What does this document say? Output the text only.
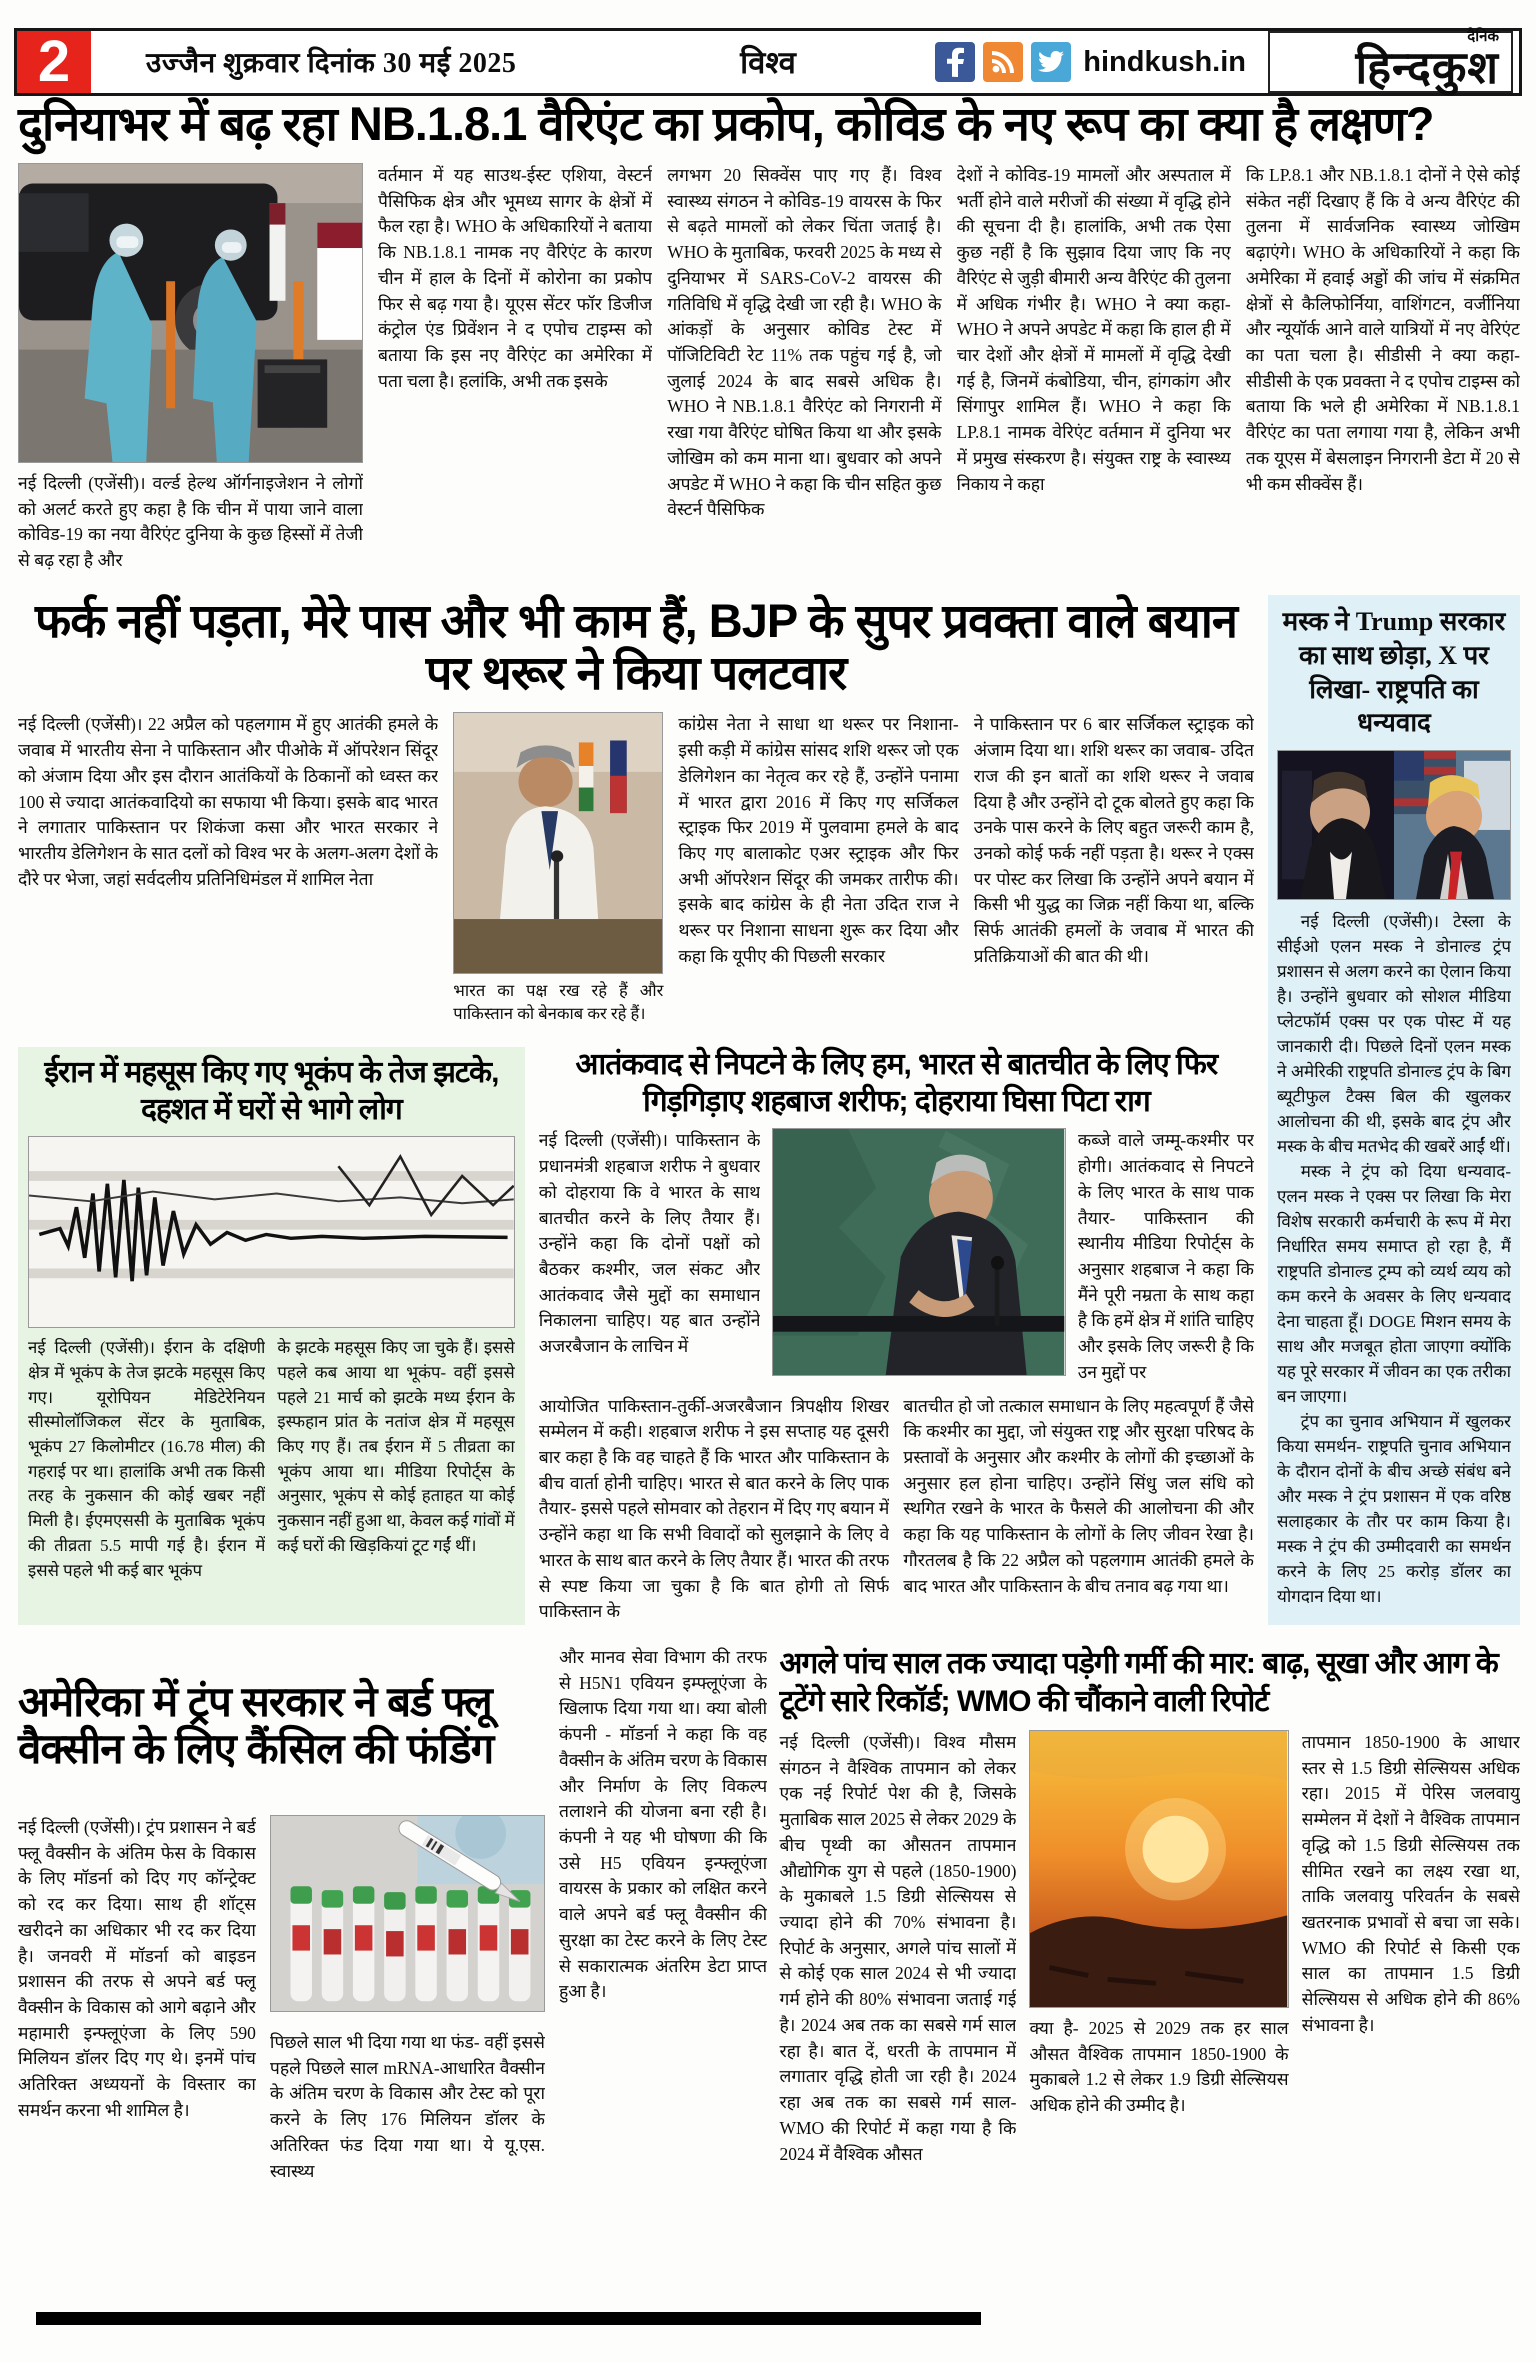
2	उज्जैन शुक्रवार दिनांक 30 मई 2025	विश्व	hindkush.in
दैनिक
हिन्दकुश
दुनियाभर में बढ़ रहा NB.1.8.1 वैरिएंट का प्रकोप, कोविड के नए रूप का क्या है लक्षण?
नई दिल्ली (एजेंसी)। वर्ल्ड हेल्थ ऑर्गनाइजेशन ने लोगों को अलर्ट करते हुए कहा है कि चीन में पाया जाने वाला कोविड-19 का नया वैरिएंट दुनिया के कुछ हिस्सों में तेजी से बढ़ रहा है और
वर्तमान में यह साउथ-ईस्ट एशिया, वेस्टर्न पैसिफिक क्षेत्र और भूमध्य सागर के क्षेत्रों में फैल रहा है। WHO के अधिकारियों ने बताया कि NB.1.8.1 नामक नए वैरिएंट के कारण चीन में हाल के दिनों में कोरोना का प्रकोप फिर से बढ़ गया है। यूएस सेंटर फॉर डिजीज कंट्रोल एंड प्रिवेंशन ने द एपोच टाइम्स को बताया कि इस नए वैरिएंट का अमेरिका में पता चला है। हलांकि, अभी तक इसके
लगभग 20 सिक्वेंस पाए गए हैं। विश्व स्वास्थ्य संगठन ने कोविड-19 वायरस के फिर से बढ़ते मामलों को लेकर चिंता जताई है। WHO के मुताबिक, फरवरी 2025 के मध्य से दुनियाभर में SARS-CoV-2 वायरस की गतिविधि में वृद्धि देखी जा रही है। WHO के आंकड़ों के अनुसार कोविड टेस्ट में पॉजिटिविटी रेट 11% तक पहुंच गई है, जो जुलाई 2024 के बाद सबसे अधिक है। WHO ने NB.1.8.1 वैरिएंट को निगरानी में रखा गया वैरिएंट घोषित किया था और इसके जोखिम को कम माना था। बुधवार को अपने अपडेट में WHO ने कहा कि चीन सहित कुछ वेस्टर्न पैसिफिक
देशों ने कोविड-19 मामलों और अस्पताल में भर्ती होने वाले मरीजों की संख्या में वृद्धि होने की सूचना दी है। हालांकि, अभी तक ऐसा कुछ नहीं है कि सुझाव दिया जाए कि नए वैरिएंट से जुड़ी बीमारी अन्य वैरिएंट की तुलना में अधिक गंभीर है। WHO ने क्या कहा- WHO ने अपने अपडेट में कहा कि हाल ही में चार देशों और क्षेत्रों में मामलों में वृद्धि देखी गई है, जिनमें कंबोडिया, चीन, हांगकांग और सिंगापुर शामिल हैं। WHO ने कहा कि LP.8.1 नामक वेरिएंट वर्तमान में दुनिया भर में प्रमुख संस्करण है। संयुक्त राष्ट्र के स्वास्थ्य निकाय ने कहा
कि LP.8.1 और NB.1.8.1 दोनों ने ऐसे कोई संकेत नहीं दिखाए हैं कि वे अन्य वैरिएंट की तुलना में सार्वजनिक स्वास्थ्य जोखिम बढ़ाएंगे। WHO के अधिकारियों ने कहा कि अमेरिका में हवाई अड्डों की जांच में संक्रमित क्षेत्रों से कैलिफोर्निया, वाशिंगटन, वर्जीनिया और न्यूयॉर्क आने वाले यात्रियों में नए वेरिएंट का पता चला है। सीडीसी ने क्या कहा- सीडीसी के एक प्रवक्ता ने द एपोच टाइम्स को बताया कि भले ही अमेरिका में NB.1.8.1 वैरिएंट का पता लगाया गया है, लेकिन अभी तक यूएस में बेसलाइन निगरानी डेटा में 20 से भी कम सीक्वेंस हैं।
फर्क नहीं पड़ता, मेरे पास और भी काम हैं, BJP के सुपर प्रवक्ता वाले बयान पर थरूर ने किया पलटवार
नई दिल्ली (एजेंसी)। 22 अप्रैल को पहलगाम में हुए आतंकी हमले के जवाब में भारतीय सेना ने पाकिस्तान और पीओके में ऑपरेशन सिंदूर को अंजाम दिया और इस दौरान आतंकियों के ठिकानों को ध्वस्त कर 100 से ज्यादा आतंकवादियो का सफाया भी किया। इसके बाद भारत ने लगातार पाकिस्तान पर शिकंजा कसा और भारत सरकार ने भारतीय डेलिगेशन के सात दलों को विश्व भर के अलग-अलग देशों के दौरे पर भेजा, जहां सर्वदलीय प्रतिनिधिमंडल में शामिल नेता
भारत का पक्ष रख रहे हैं और पाकिस्तान को बेनकाब कर रहे हैं।
कांग्रेस नेता ने साधा था थरूर पर निशाना- इसी कड़ी में कांग्रेस सांसद शशि थरूर जो एक डेलिगेशन का नेतृत्व कर रहे हैं, उन्होंने पनामा में भारत द्वारा 2016 में किए गए सर्जिकल स्ट्राइक फिर 2019 में पुलवामा हमले के बाद किए गए बालाकोट एअर स्ट्राइक और फिर अभी ऑपरेशन सिंदूर की जमकर तारीफ की। इसके बाद कांग्रेस के ही नेता उदित राज ने थरूर पर निशाना साधना शुरू कर दिया और कहा कि यूपीए की पिछली सरकार
ने पाकिस्तान पर 6 बार सर्जिकल स्ट्राइक को अंजाम दिया था। शशि थरूर का जवाब- उदित राज की इन बातों का शशि थरूर ने जवाब दिया है और उन्होंने दो टूक बोलते हुए कहा कि उनके पास करने के लिए बहुत जरूरी काम है, उनको कोई फर्क नहीं पड़ता है। थरूर ने एक्स पर पोस्ट कर लिखा कि उन्होंने अपने बयान में किसी भी युद्ध का जिक्र नहीं किया था, बल्कि सिर्फ आतंकी हमलों के जवाब में भारत की प्रतिक्रियाओं की बात की थी।
ईरान में महसूस किए गए भूकंप के तेज झटके, दहशत में घरों से भागे लोग
नई दिल्ली (एजेंसी)। ईरान के दक्षिणी क्षेत्र में भूकंप के तेज झटके महसूस किए गए। यूरोपियन मेडिटेरेनियन सीस्मोलॉजिकल सेंटर के मुताबिक, भूकंप 27 किलोमीटर (16.78 मील) की गहराई पर था। हालांकि अभी तक किसी तरह के नुकसान की कोई खबर नहीं मिली है। ईएमएससी के मुताबिक भूकंप की तीव्रता 5.5 मापी गई है। ईरान में इससे पहले भी कई बार भूकंप
के झटके महसूस किए जा चुके हैं। इससे पहले कब आया था भूकंप- वहीं इससे पहले 21 मार्च को झटके मध्य ईरान के इस्फहान प्रांत के नतांज क्षेत्र में महसूस किए गए हैं। तब ईरान में 5 तीव्रता का भूकंप आया था। मीडिया रिपोर्ट्स के अनुसार, भूकंप से कोई हताहत या कोई नुकसान नहीं हुआ था, केवल कई गांवों में कई घरों की खिड़कियां टूट गईं थीं।
आतंकवाद से निपटने के लिए हम, भारत से बातचीत के लिए फिर गिड़गिड़ाए शहबाज शरीफ; दोहराया घिसा पिटा राग
नई दिल्ली (एजेंसी)। पाकिस्तान के प्रधानमंत्री शहबाज शरीफ ने बुधवार को दोहराया कि वे भारत के साथ बातचीत करने के लिए तैयार हैं। उन्होंने कहा कि दोनों पक्षों को बैठकर कश्मीर, जल संकट और आतंकवाद जैसे मुद्दों का समाधान निकालना चाहिए। यह बात उन्होंने अजरबैजान के लाचिन में
कब्जे वाले जम्मू-कश्मीर पर होगी। आतंकवाद से निपटने के लिए भारत के साथ पाक तैयार- पाकिस्तान की स्थानीय मीडिया रिपोर्ट्स के अनुसार शहबाज ने कहा कि मैंने पूरी नम्रता के साथ कहा है कि हमें क्षेत्र में शांति चाहिए और इसके लिए जरूरी है कि उन मुद्दों पर
आयोजित पाकिस्तान-तुर्की-अजरबैजान त्रिपक्षीय शिखर सम्मेलन में कही। शहबाज शरीफ ने इस सप्ताह यह दूसरी बार कहा है कि वह चाहते हैं कि भारत और पाकिस्तान के बीच वार्ता होनी चाहिए। भारत से बात करने के लिए पाक तैयार- इससे पहले सोमवार को तेहरान में दिए गए बयान में उन्होंने कहा था कि सभी विवादों को सुलझाने के लिए वे भारत के साथ बात करने के लिए तैयार हैं। भारत की तरफ से स्पष्ट किया जा चुका है कि बात होगी तो सिर्फ पाकिस्तान के
बातचीत हो जो तत्काल समाधान के लिए महत्वपूर्ण हैं जैसे कि कश्मीर का मुद्दा, जो संयुक्त राष्ट्र और सुरक्षा परिषद के प्रस्तावों के अनुसार और कश्मीर के लोगों की इच्छाओं के अनुसार हल होना चाहिए। उन्होंने सिंधु जल संधि को स्थगित रखने के भारत के फैसले की आलोचना की और कहा कि यह पाकिस्तान के लोगों के लिए जीवन रेखा है। गौरतलब है कि 22 अप्रैल को पहलगाम आतंकी हमले के बाद भारत और पाकिस्तान के बीच तनाव बढ़ गया था।
मस्क ने Trump सरकार का साथ छोड़ा, X पर लिखा- राष्ट्रपति का धन्यवाद

नई दिल्ली (एजेंसी)। टेस्ला के सीईओ एलन मस्क ने डोनाल्ड ट्रंप प्रशासन से अलग करने का ऐलान किया है। उन्होंने बुधवार को सोशल मीडिया प्लेटफॉर्म एक्स पर एक पोस्ट में यह जानकारी दी। पिछले दिनों एलन मस्क ने अमेरिकी राष्ट्रपति डोनाल्ड ट्रंप के बिग ब्यूटीफुल टैक्स बिल की खुलकर आलोचना की थी, इसके बाद ट्रंप और मस्क के बीच मतभेद की खबरें आईं थीं।

मस्क ने ट्रंप को दिया धन्यवाद- एलन मस्क ने एक्स पर लिखा कि मेरा विशेष सरकारी कर्मचारी के रूप में मेरा निर्धारित समय समाप्त हो रहा है, मैं राष्ट्रपति डोनाल्ड ट्रम्प को व्यर्थ व्यय को कम करने के अवसर के लिए धन्यवाद देना चाहता हूँ। DOGE मिशन समय के साथ और मजबूत होता जाएगा क्योंकि यह पूरे सरकार में जीवन का एक तरीका बन जाएगा।

ट्रंप का चुनाव अभियान में खुलकर किया समर्थन- राष्ट्रपति चुनाव अभियान के दौरान दोनों के बीच अच्छे संबंध बने और मस्क ने ट्रंप प्रशासन में एक वरिष्ठ सलाहकार के तौर पर काम किया है। मस्क ने ट्रंप की उम्मीदवारी का समर्थन करने के लिए 25 करोड़ डॉलर का योगदान दिया था।

अमेरिका में ट्रंप सरकार ने बर्ड फ्लू वैक्सीन के लिए कैंसिल की फंडिंग
और मानव सेवा विभाग की तरफ से H5N1 एवियन इम्फ्लूएंजा के खिलाफ दिया गया था। क्या बोली कंपनी - मॉडर्ना ने कहा कि वह वैक्सीन के अंतिम चरण के विकास और निर्माण के लिए विकल्प तलाशने की योजना बना रही है। कंपनी ने यह भी घोषणा की कि उसे H5 एवियन इन्फ्लूएंजा वायरस के प्रकार को लक्षित करने वाले अपने बर्ड फ्लू वैक्सीन की सुरक्षा का टेस्ट करने के लिए टेस्ट से सकारात्मक अंतरिम डेटा प्राप्त हुआ है।
नई दिल्ली (एजेंसी)। ट्रंप प्रशासन ने बर्ड फ्लू वैक्सीन के अंतिम फेस के विकास के लिए मॉडर्ना को दिए गए कॉन्ट्रेक्ट को रद कर दिया। साथ ही शॉट्स खरीदने का अधिकार भी रद कर दिया है। जनवरी में मॉडर्ना को बाइडन प्रशासन की तरफ से अपने बर्ड फ्लू वैक्सीन के विकास को आगे बढ़ाने और महामारी इन्फ्लूएंजा के लिए 590 मिलियन डॉलर दिए गए थे। इनमें पांच अतिरिक्त अध्ययनों के विस्तार का समर्थन करना भी शामिल है।
पिछले साल भी दिया गया था फंड- वहीं इससे पहले पिछले साल mRNA-आधारित वैक्सीन के अंतिम चरण के विकास और टेस्ट को पूरा करने के लिए 176 मिलियन डॉलर के अतिरिक्त फंड दिया गया था। ये यू.एस. स्वास्थ्य
अगले पांच साल तक ज्यादा पड़ेगी गर्मी की मार: बाढ़, सूखा और आग के टूटेंगे सारे रिकॉर्ड; WMO की चौंकाने वाली रिपोर्ट
नई दिल्ली (एजेंसी)। विश्व मौसम संगठन ने वैश्विक तापमान को लेकर एक नई रिपोर्ट पेश की है, जिसके मुताबिक साल 2025 से लेकर 2029 के बीच पृथ्वी का औसतन तापमान औद्योगिक युग से पहले (1850-1900) के मुकाबले 1.5 डिग्री सेल्सियस से ज्यादा होने की 70% संभावना है। रिपोर्ट के अनुसार, अगले पांच सालों में से कोई एक साल 2024 से भी ज्यादा गर्म होने की 80% संभावना जताई गई है। 2024 अब तक का सबसे गर्म साल रहा है। बात दें, धरती के तापमान में लगातार वृद्धि होती जा रही है। 2024 रहा अब तक का सबसे गर्म साल- WMO की रिपोर्ट में कहा गया है कि 2024 में वैश्विक औसत
क्या है- 2025 से 2029 तक हर साल औसत वैश्विक तापमान 1850-1900 के मुकाबले 1.2 से लेकर 1.9 डिग्री सेल्सियस अधिक होने की उम्मीद है।
तापमान 1850-1900 के आधार स्तर से 1.5 डिग्री सेल्सियस अधिक रहा। 2015 में पेरिस जलवायु सम्मेलन में देशों ने वैश्विक तापमान वृद्धि को 1.5 डिग्री सेल्सियस तक सीमित रखने का लक्ष्य रखा था, ताकि जलवायु परिवर्तन के सबसे खतरनाक प्रभावों से बचा जा सके। WMO की रिपोर्ट से किसी एक साल का तापमान 1.5 डिग्री सेल्सियस से अधिक होने की 86% संभावना है।
